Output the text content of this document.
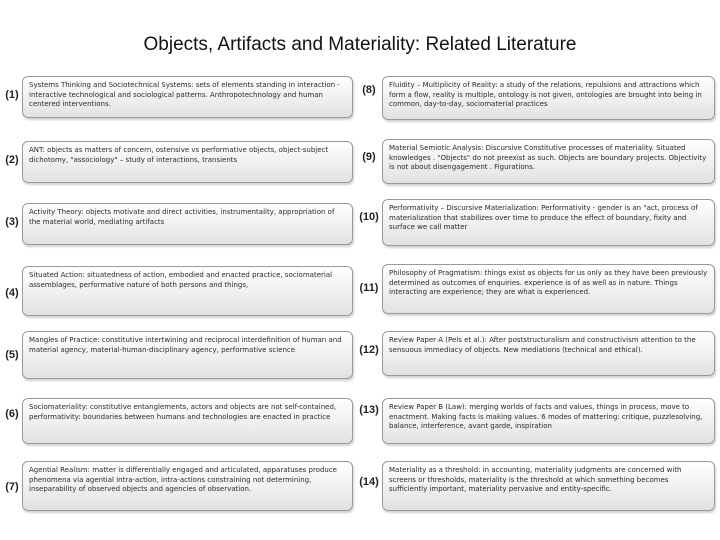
Objects, Artifacts and Materiality: Related Literature
(1)
Systems Thinking and Sociotechnical Systems: sets of elements standing in interaction - interactive technological and sociological patterns. Anthropotechnology and human centered interventions.
(2)
ANT: objects as matters of concern, ostensive vs performative objects, object-subject dichotomy, "associology" – study of interactions, transients
(3)
Activity Theory: objects motivate and direct activities, instrumentality, appropriation of the material world, mediating artifacts
(4)
Situated Action: situatedness of action, embodied and enacted practice, sociomaterial assemblages, performative nature of both persons and things,
(5)
Mangles of Practice: constitutive intertwining and reciprocal interdefinition of human and material agency, material-human-disciplinary agency, performative science
(6)
Sociomateriality: constitutive entanglements, actors and objects are not self-contained, performativity: boundaries between humans and technologies are enacted in practice
(7)
Agential Realism: matter is differentially engaged and articulated, apparatuses produce phenomena via agential intra-action, intra-actions constraining not determining, inseparability of observed objects and agencies of observation.
(8)	Fluidity – Multiplicity of Reality: a study of the relations, repulsions and attractions which form a flow, reality is multiple, ontology is not given, ontologies are brought into being in common, day-to-day, sociomaterial practices
(9)
Material Semiotic Analysis: Discursive Constitutive processes of materiality. Situated knowledges . "Objects" do not preexist as such. Objects are boundary projects. Objectivity is not about disengagement . Figurations.
(10)
Performativity – Discursive Materialization: Performativity - gender is an "act, process of materialization that stabilizes over time to produce the effect of boundary, fixity and surface we call matter
(11)
Philosophy of Pragmatism: things exist as objects for us only as they have been previously determined as outcomes of enquiries. experience is of as well as in nature. Things interacting are experience; they are what is experienced.
(12)
Review Paper A (Pels et al.): After poststructuralism and constructivism attention to the sensuous immediacy of objects. New mediations (technical and ethical).
(13)	Review Paper B (Law): merging worlds of facts and values, things in process, move to enactment. Making facts is making values. 6 modes of mattering: critique, puzzlesolving, balance, interference, avant garde, inspiration
(14)
Materiality as a threshold: in accounting, materiality judgments are concerned with screens or thresholds, materiality is the threshold at which something becomes sufficiently important, materiality pervasive and entity-specific.
